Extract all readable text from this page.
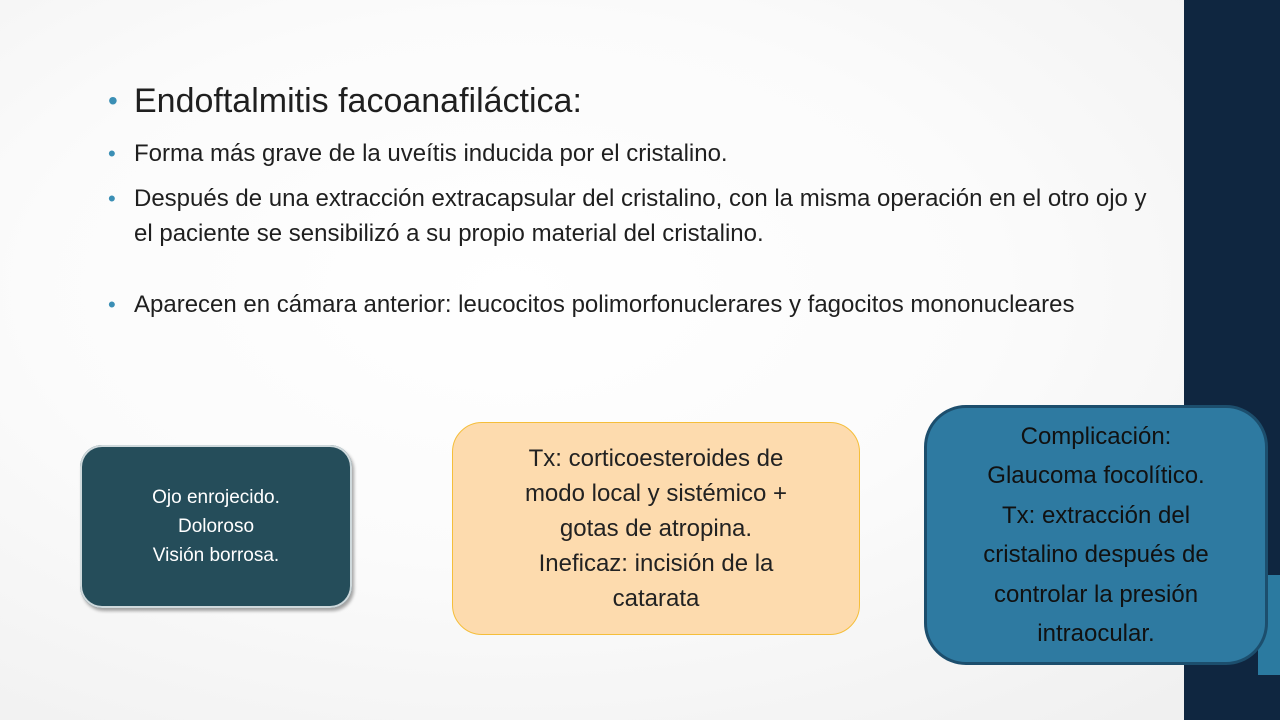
• Endoftalmitis facoanafiláctica:
• Forma más grave de la uveítis inducida por el cristalino.
• Después de una extracción extracapsular del cristalino, con la misma operación en el otro ojo y el paciente se sensibilizó a su propio material del cristalino.
• Aparecen en cámara anterior: leucocitos polimorfonuclerares y fagocitos mononucleares
Ojo enrojecido.
Doloroso
Visión borrosa.
Tx: corticoesteroides de
modo local y sistémico +
gotas de atropina.
Ineficaz: incisión de la
catarata
Complicación:
Glaucoma focolítico.
Tx: extracción del
cristalino después de
controlar la presión
intraocular.
